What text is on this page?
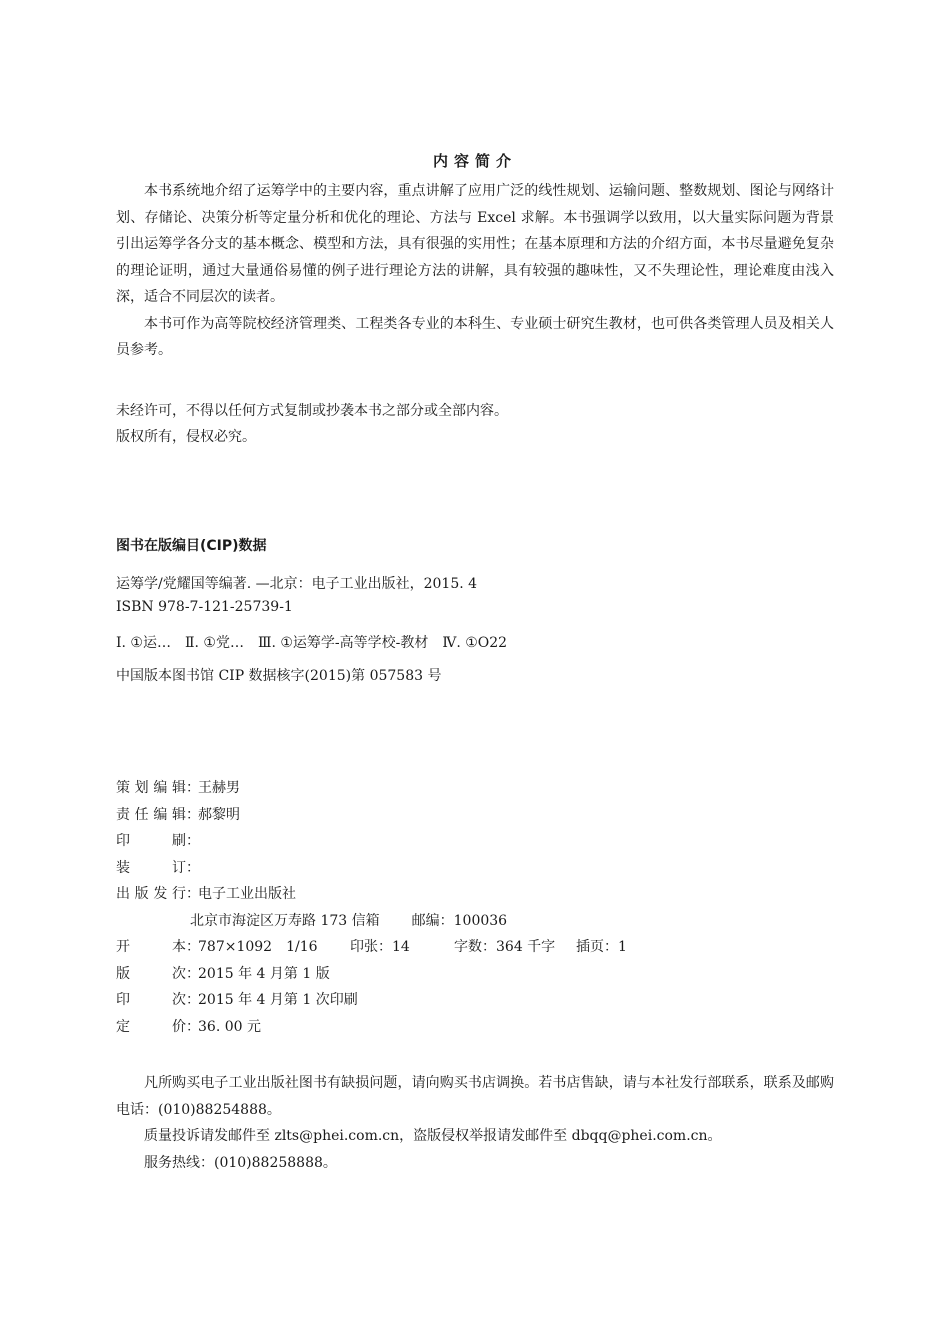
内容简介

本书系统地介绍了运筹学中的主要内容，重点讲解了应用广泛的线性规划、运输问题、整数规划、图论与网络计划、存储论、决策分析等定量分析和优化的理论、方法与 Excel 求解。本书强调学以致用，以大量实际问题为背景引出运筹学各分支的基本概念、模型和方法，具有很强的实用性；在基本原理和方法的介绍方面，本书尽量避免复杂的理论证明，通过大量通俗易懂的例子进行理论方法的讲解，具有较强的趣味性，又不失理论性，理论难度由浅入深，适合不同层次的读者。

本书可作为高等院校经济管理类、工程类各专业的本科生、专业硕士研究生教材，也可供各类管理人员及相关人员参考。

未经许可，不得以任何方式复制或抄袭本书之部分或全部内容。
版权所有，侵权必究。
图书在版编目(CIP)数据
运筹学/党耀国等编著. —北京：电子工业出版社，2015. 4
ISBN 978-7-121-25739-1
Ⅰ. ①运…　Ⅱ. ①党…　Ⅲ. ①运筹学-高等学校-教材　Ⅳ. ①O22
中国版本图书馆 CIP 数据核字(2015)第 057583 号
策划编辑 ：
王赫男
责任编辑 ：
郝黎明
印刷 ：
装订 ：
出版发行 ：
电子工业出版社
北京市海淀区万寿路 173 信箱 邮编：100036
开本 ：
787×1092　1/16	印张：14	字数：364 千字	插页：1
版次 ：
2015 年 4 月第 1 版
印次 ：
2015 年 4 月第 1 次印刷
定价 ：
36. 00 元

凡所购买电子工业出版社图书有缺损问题，请向购买书店调换。若书店售缺，请与本社发行部联系，联系及邮购电话：(010)88254888。

质量投诉请发邮件至 zlts@phei.com.cn，盗版侵权举报请发邮件至 dbqq@phei.com.cn。

服务热线：(010)88258888。
